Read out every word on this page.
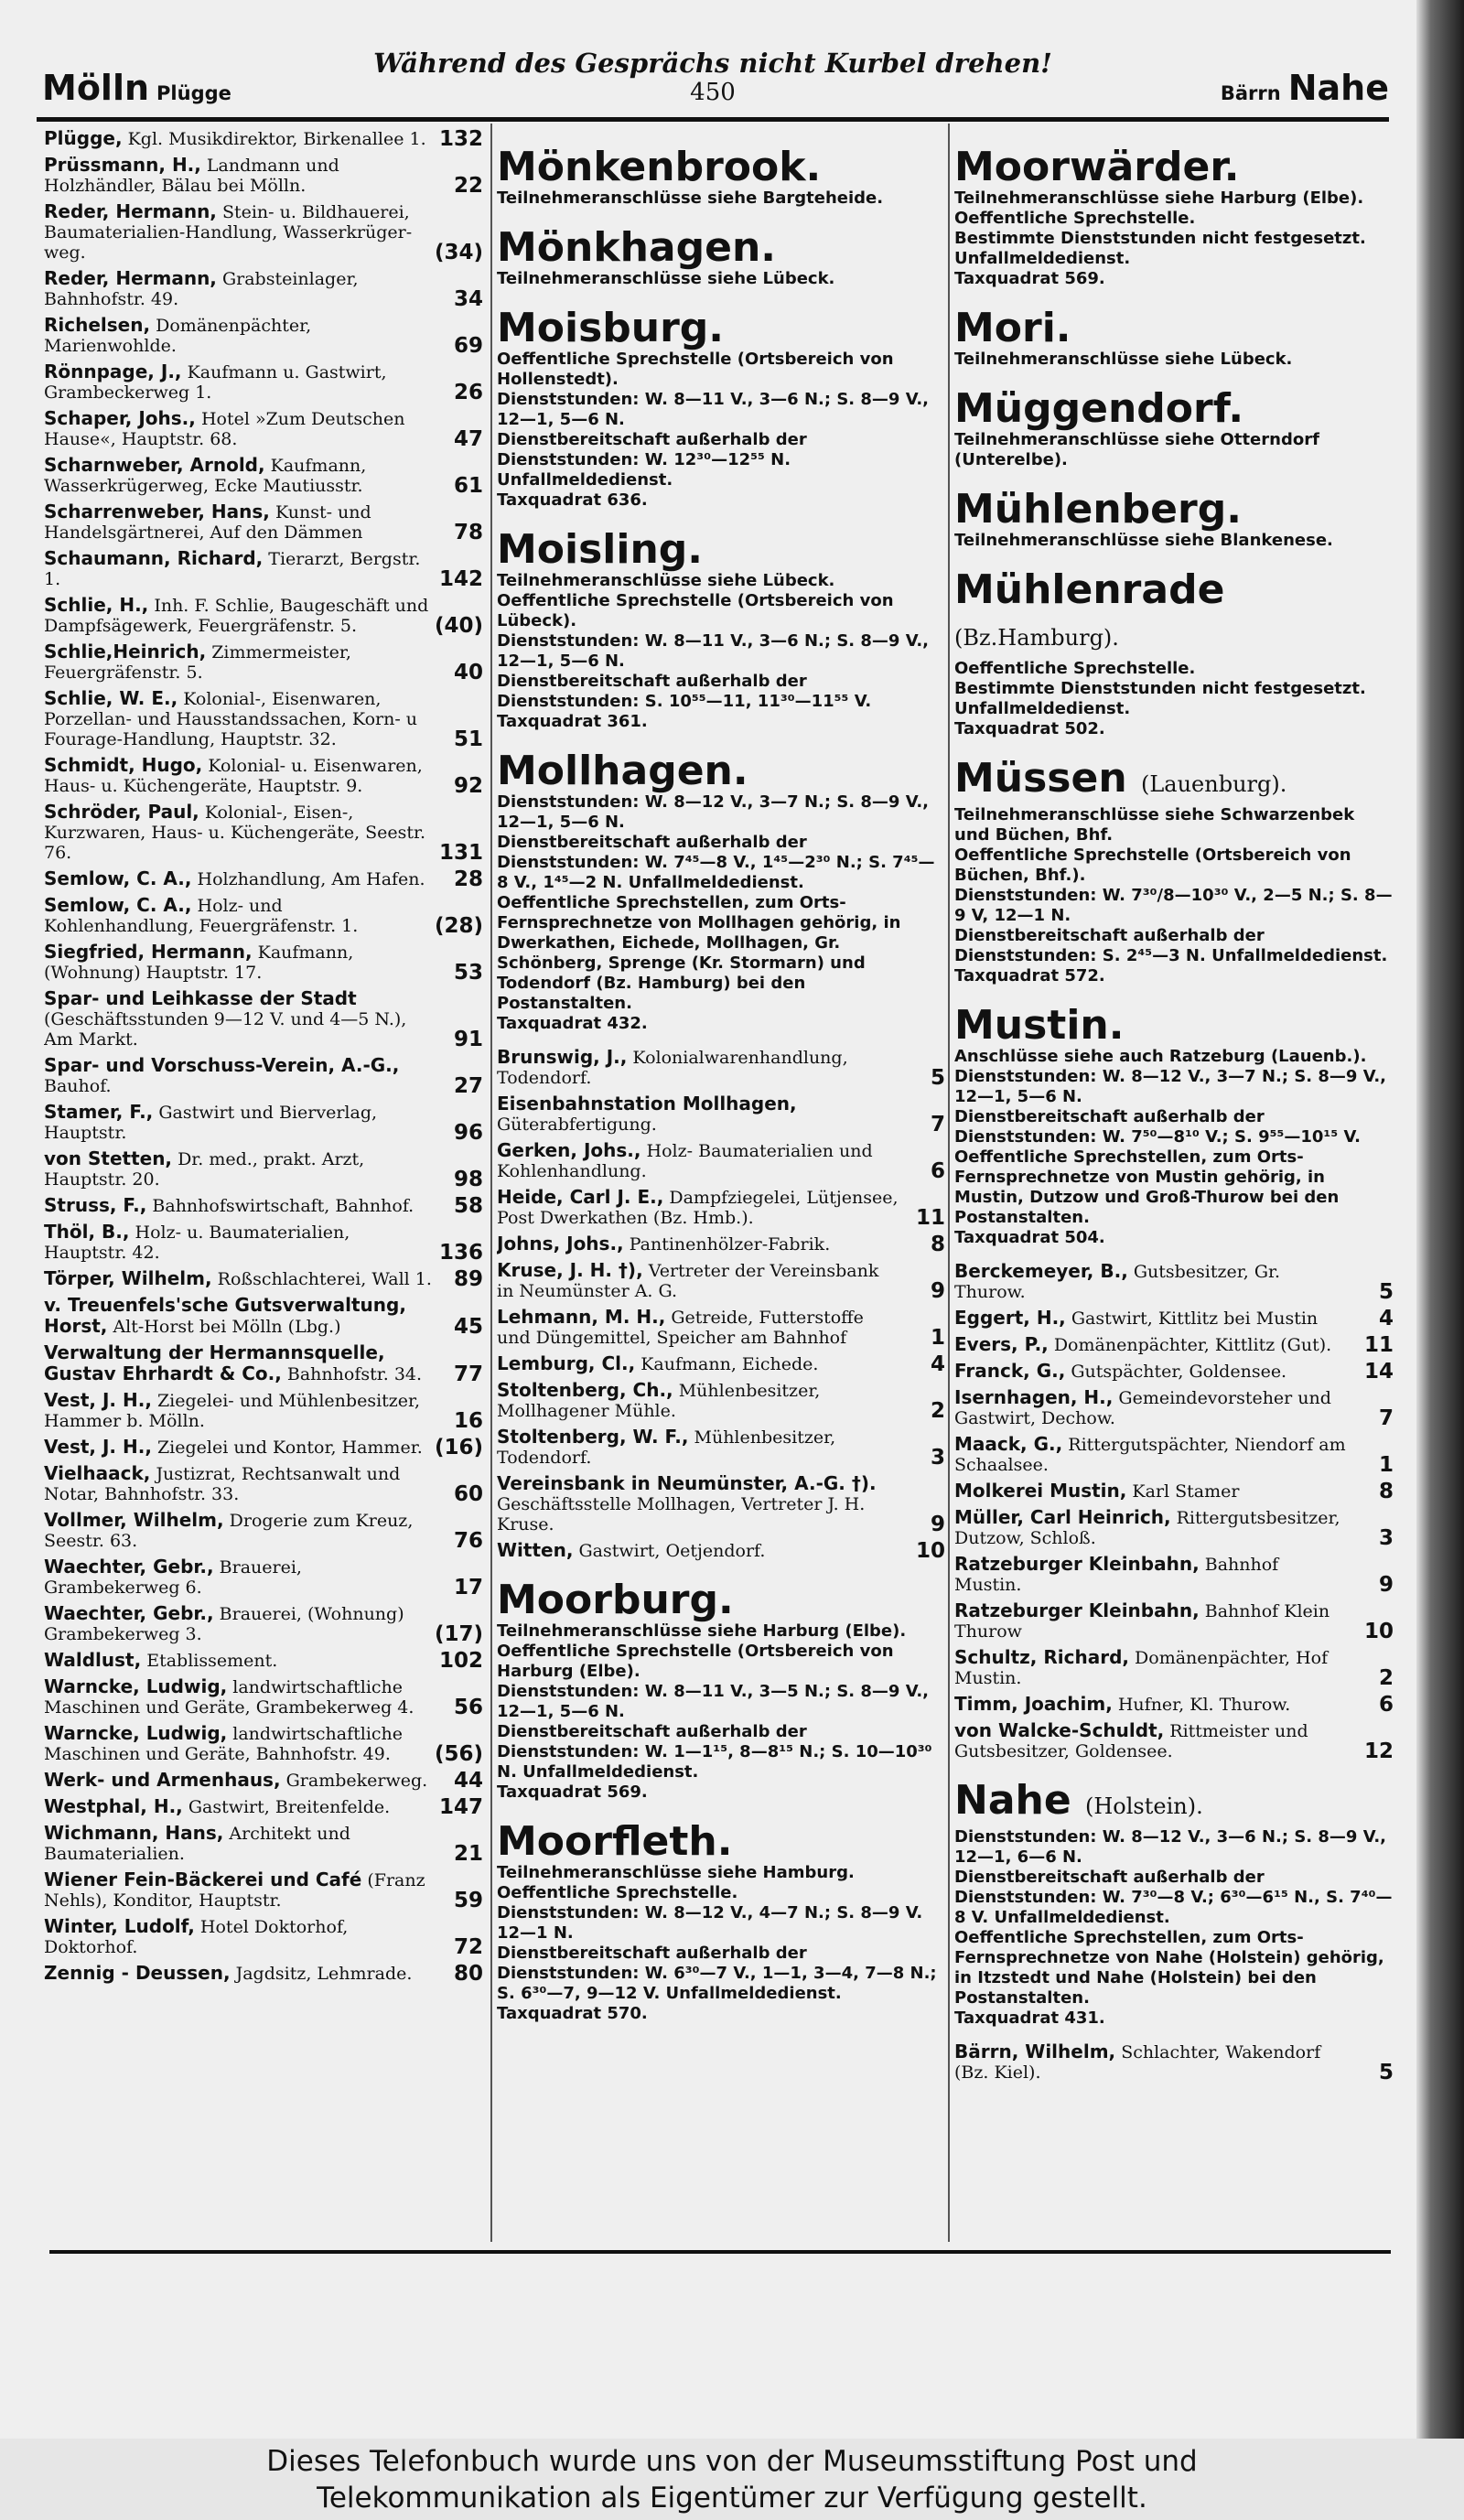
Mölln Plügge
Während des Gesprächs nicht Kurbel drehen!
450	Bärrn Nahe
Plügge, Kgl. Musikdirektor, Birkenallee 1. 132
Prüssmann, H., Landmann und Holzhändler, Bälau bei Mölln.	22
Reder, Hermann, Stein- u. Bildhauerei, Baumaterialien-Handlung, Wasserkrüger-weg.	(34)
Reder, Hermann, Grabsteinlager, Bahnhofstr. 49.	34
Richelsen, Domänenpächter, Marienwohlde.	69
Rönnpage, J., Kaufmann u. Gastwirt, Grambeckerweg 1.	26
Schaper, Johs., Hotel »Zum Deutschen Hause«, Hauptstr. 68.	47
Scharnweber, Arnold, Kaufmann, Wasserkrügerweg, Ecke Mautiusstr.	61
Scharrenweber, Hans, Kunst- und Handelsgärtnerei, Auf den Dämmen	78
Schaumann, Richard, Tierarzt, Bergstr. 1.	142
Schlie, H., Inh. F. Schlie, Baugeschäft und Dampfsägewerk, Feuergräfenstr. 5.	(40)
Schlie,Heinrich, Zimmermeister, Feuergräfenstr. 5.	40
Schlie, W. E., Kolonial-, Eisenwaren, Porzellan- und Hausstandssachen, Korn- u Fourage-Handlung, Hauptstr. 32.	51
Schmidt, Hugo, Kolonial- u. Eisenwaren, Haus- u. Küchengeräte, Hauptstr. 9.	92
Schröder, Paul, Kolonial-, Eisen-, Kurzwaren, Haus- u. Küchengeräte, Seestr. 76.	131
Semlow, C. A., Holzhandlung, Am Hafen. 28
Semlow, C. A., Holz- und Kohlenhandlung, Feuergräfenstr. 1.	(28)
Siegfried, Hermann, Kaufmann, (Wohnung) Hauptstr. 17.	53
Spar- und Leihkasse der Stadt (Geschäftsstunden 9—12 V. und 4—5 N.), Am Markt.	91
Spar- und Vorschuss-Verein, A.-G., Bauhof.	27
Stamer, F., Gastwirt und Bierverlag, Hauptstr.	96
von Stetten, Dr. med., prakt. Arzt, Hauptstr. 20.	98
Struss, F., Bahnhofswirtschaft, Bahnhof. 58
Thöl, B., Holz- u. Baumaterialien, Hauptstr. 42.	136
Törper, Wilhelm, Roßschlachterei, Wall 1. 89
v. Treuenfels'sche Gutsverwaltung, Horst, Alt-Horst bei Mölln (Lbg.)	45
Verwaltung der Hermannsquelle, Gustav Ehrhardt & Co., Bahnhofstr. 34. 77
Vest, J. H., Ziegelei- und Mühlenbesitzer, Hammer b. Mölln.	16
Vest, J. H., Ziegelei und Kontor, Hammer. (16)
Vielhaack, Justizrat, Rechtsanwalt und Notar, Bahnhofstr. 33.	60
Vollmer, Wilhelm, Drogerie zum Kreuz, Seestr. 63.	76
Waechter, Gebr., Brauerei, Grambekerweg 6.	17
Waechter, Gebr., Brauerei, (Wohnung) Grambekerweg 3.	(17)
Waldlust, Etablissement.	102
Warncke, Ludwig, landwirtschaftliche Maschinen und Geräte, Grambekerweg 4. 56
Warncke, Ludwig, landwirtschaftliche Maschinen und Geräte, Bahnhofstr. 49. (56)
Werk- und Armenhaus, Grambekerweg. 44
Westphal, H., Gastwirt, Breitenfelde. 147
Wichmann, Hans, Architekt und Baumaterialien.	21
Wiener Fein-Bäckerei und Café (Franz Nehls), Konditor, Hauptstr.	59
Winter, Ludolf, Hotel Doktorhof, Doktorhof.	72
Zennig - Deussen, Jagdsitz, Lehmrade. 80
Mönkenbrook.
Teilnehmeranschlüsse siehe Bargteheide.
Mönkhagen.
Teilnehmeranschlüsse siehe Lübeck.
Moisburg.
Oeffentliche Sprechstelle (Ortsbereich von Hollenstedt).
Dienststunden: W. 8—11 V., 3—6 N.; S. 8—9 V., 12—1, 5—6 N.
Dienstbereitschaft außerhalb der Dienststunden: W. 12³⁰—12⁵⁵ N. Unfallmeldedienst.
Taxquadrat 636.
Moisling.
Teilnehmeranschlüsse siehe Lübeck.
Oeffentliche Sprechstelle (Ortsbereich von Lübeck).
Dienststunden: W. 8—11 V., 3—6 N.; S. 8—9 V., 12—1, 5—6 N.
Dienstbereitschaft außerhalb der Dienststunden: S. 10⁵⁵—11, 11³⁰—11⁵⁵ V.
Taxquadrat 361.
Mollhagen.
Dienststunden: W. 8—12 V., 3—7 N.; S. 8—9 V., 12—1, 5—6 N.
Dienstbereitschaft außerhalb der Dienststunden: W. 7⁴⁵—8 V., 1⁴⁵—2³⁰ N.; S. 7⁴⁵—8 V., 1⁴⁵—2 N. Unfallmeldedienst.
Oeffentliche Sprechstellen, zum Orts-Fernsprechnetze von Mollhagen gehörig, in Dwerkathen, Eichede, Mollhagen, Gr. Schönberg, Sprenge (Kr. Stormarn) und Todendorf (Bz. Hamburg) bei den Postanstalten.
Taxquadrat 432.
Brunswig, J., Kolonialwarenhandlung, Todendorf.	5
Eisenbahnstation Mollhagen, Güterabfertigung.	7
Gerken, Johs., Holz- Baumaterialien und Kohlenhandlung.	6
Heide, Carl J. E., Dampfziegelei, Lütjensee, Post Dwerkathen (Bz. Hmb.).	11
Johns, Johs., Pantinenhölzer-Fabrik.	8
Kruse, J. H. †), Vertreter der Vereinsbank in Neumünster A. G.	9
Lehmann, M. H., Getreide, Futterstoffe und Düngemittel, Speicher am Bahnhof	1
Lemburg, Cl., Kaufmann, Eichede.	4
Stoltenberg, Ch., Mühlenbesitzer, Mollhagener Mühle.	2
Stoltenberg, W. F., Mühlenbesitzer, Todendorf.	3
Vereinsbank in Neumünster, A.-G. †). Geschäftsstelle Mollhagen, Vertreter J. H. Kruse.	9
Witten, Gastwirt, Oetjendorf.	10
Moorburg.
Teilnehmeranschlüsse siehe Harburg (Elbe).
Oeffentliche Sprechstelle (Ortsbereich von Harburg (Elbe).
Dienststunden: W. 8—11 V., 3—5 N.; S. 8—9 V., 12—1, 5—6 N.
Dienstbereitschaft außerhalb der Dienststunden: W. 1—1¹⁵, 8—8¹⁵ N.; S. 10—10³⁰ N. Unfallmeldedienst.
Taxquadrat 569.
Moorfleth.
Teilnehmeranschlüsse siehe Hamburg.
Oeffentliche Sprechstelle.
Dienststunden: W. 8—12 V., 4—7 N.; S. 8—9 V. 12—1 N.
Dienstbereitschaft außerhalb der Dienststunden: W. 6³⁰—7 V., 1—1, 3—4, 7—8 N.; S. 6³⁰—7, 9—12 V. Unfallmeldedienst.
Taxquadrat 570.
Moorwärder.
Teilnehmeranschlüsse siehe Harburg (Elbe).
Oeffentliche Sprechstelle.
Bestimmte Dienststunden nicht festgesetzt.
Unfallmeldedienst.
Taxquadrat 569.
Mori.
Teilnehmeranschlüsse siehe Lübeck.
Müggendorf.
Teilnehmeranschlüsse siehe Otterndorf (Unterelbe).
Mühlenberg.
Teilnehmeranschlüsse siehe Blankenese.
Mühlenrade (Bz.Hamburg).
Oeffentliche Sprechstelle.
Bestimmte Dienststunden nicht festgesetzt.
Unfallmeldedienst.
Taxquadrat 502.
Müssen (Lauenburg).
Teilnehmeranschlüsse siehe Schwarzenbek und Büchen, Bhf.
Oeffentliche Sprechstelle (Ortsbereich von Büchen, Bhf.).
Dienststunden: W. 7³⁰/8—10³⁰ V., 2—5 N.; S. 8—9 V, 12—1 N.
Dienstbereitschaft außerhalb der Dienststunden: S. 2⁴⁵—3 N. Unfallmeldedienst.
Taxquadrat 572.
Mustin.
Anschlüsse siehe auch Ratzeburg (Lauenb.).
Dienststunden: W. 8—12 V., 3—7 N.; S. 8—9 V., 12—1, 5—6 N.
Dienstbereitschaft außerhalb der Dienststunden: W. 7⁵⁰—8¹⁰ V.; S. 9⁵⁵—10¹⁵ V.
Oeffentliche Sprechstellen, zum Orts-Fernsprechnetze von Mustin gehörig, in Mustin, Dutzow und Groß-Thurow bei den Postanstalten.
Taxquadrat 504.
Berckemeyer, B., Gutsbesitzer, Gr. Thurow.	5
Eggert, H., Gastwirt, Kittlitz bei Mustin	4
Evers, P., Domänenpächter, Kittlitz (Gut). 11
Franck, G., Gutspächter, Goldensee.	14
Isernhagen, H., Gemeindevorsteher und Gastwirt, Dechow.	7
Maack, G., Rittergutspächter, Niendorf am Schaalsee.	1
Molkerei Mustin, Karl Stamer	8
Müller, Carl Heinrich, Rittergutsbesitzer, Dutzow, Schloß.	3
Ratzeburger Kleinbahn, Bahnhof Mustin.	9
Ratzeburger Kleinbahn, Bahnhof Klein Thurow	10
Schultz, Richard, Domänenpächter, Hof Mustin.	2
Timm, Joachim, Hufner, Kl. Thurow.	6
von Walcke-Schuldt, Rittmeister und Gutsbesitzer, Goldensee.	12
Nahe (Holstein).
Dienststunden: W. 8—12 V., 3—6 N.; S. 8—9 V., 12—1, 6—6 N.
Dienstbereitschaft außerhalb der Dienststunden: W. 7³⁰—8 V.; 6³⁰—6¹⁵ N., S. 7⁴⁰—8 V. Unfallmeldedienst.
Oeffentliche Sprechstellen, zum Orts-Fernsprechnetze von Nahe (Holstein) gehörig, in Itzstedt und Nahe (Holstein) bei den Postanstalten.
Taxquadrat 431.
Bärrn, Wilhelm, Schlachter, Wakendorf (Bz. Kiel).	5
Dieses Telefonbuch wurde uns von der Museumsstiftung Post und
Telekommunikation als Eigentümer zur Verfügung gestellt.
